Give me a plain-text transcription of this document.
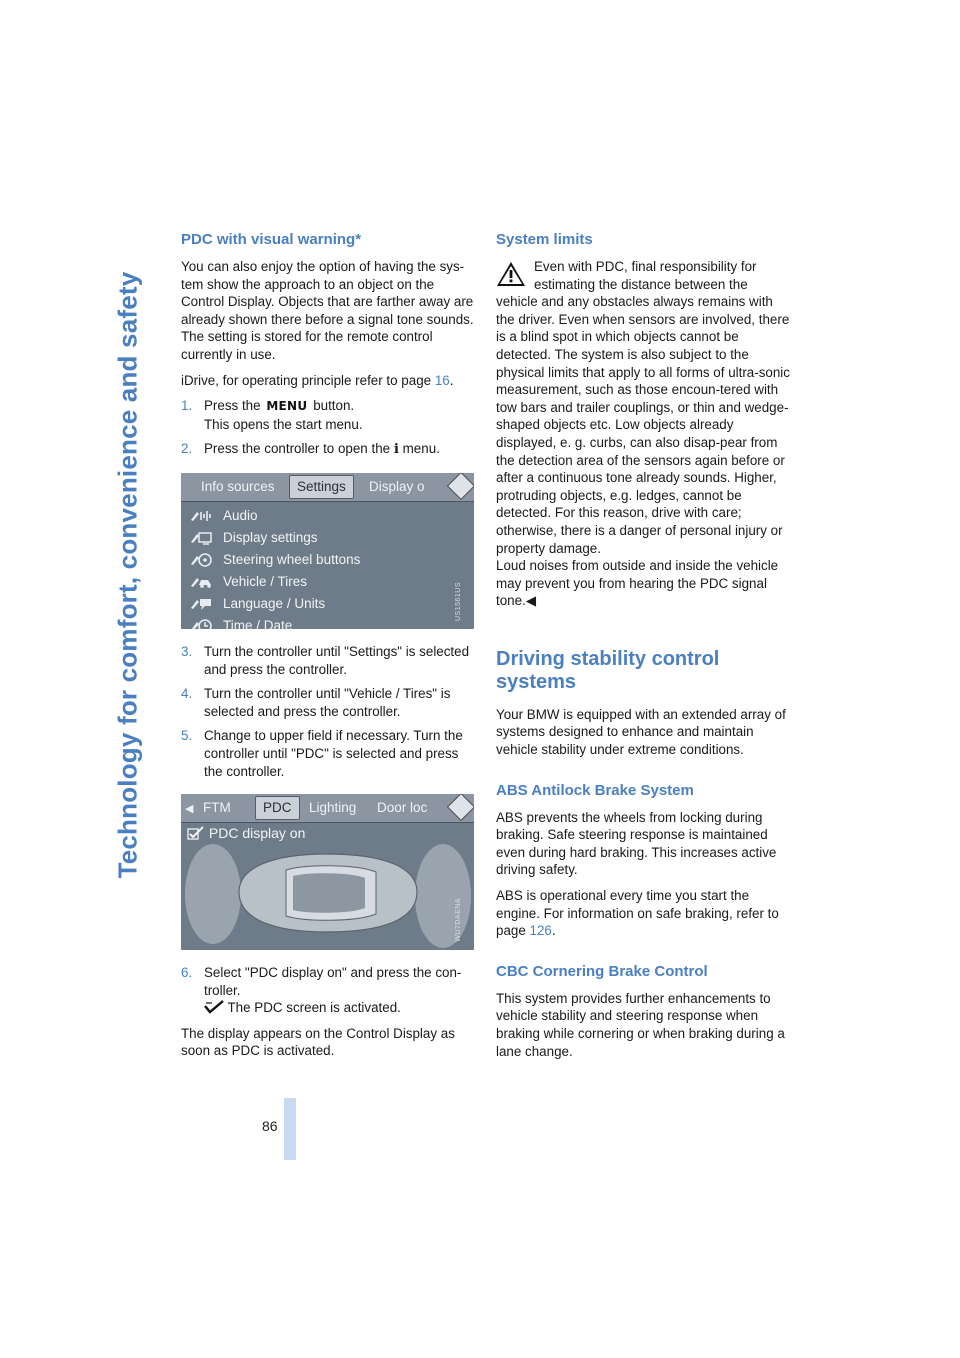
Technology for comfort, convenience and safety
PDC with visual warning*

You can also enjoy the option of having the sys-tem show the approach to an object on the Control Display. Objects that are farther away are already shown there before a signal tone sounds. The setting is stored for the remote control currently in use.

iDrive, for operating principle refer to page 16.

1. Press the MENU button.
This opens the start menu.
2. Press the controller to open the i menu.
Info sources	Settings	Display o
Audio
Display settings
Steering wheel buttons
Vehicle / Tires
Language / Units
Time / Date
US1561US
3. Turn the controller until "Settings" is selected and press the controller.
4. Turn the controller until "Vehicle / Tires" is selected and press the controller.
5. Change to upper field if necessary. Turn the controller until "PDC" is selected and press the controller.
◀ FTM	PDC	Lighting Door loc
PDC display on
WU7DAENA
6. Select "PDC display on" and press the con-troller.
The PDC screen is activated.

The display appears on the Control Display as soon as PDC is activated.

System limits

Even with PDC, final responsibility for estimating the distance between the vehicle and any obstacles always remains with the driver. Even when sensors are involved, there is a blind spot in which objects cannot be detected. The system is also subject to the physical limits that apply to all forms of ultra-sonic measurement, such as those encoun-tered with tow bars and trailer couplings, or thin and wedge-shaped objects etc. Low objects already displayed, e. g. curbs, can also disap-pear from the detection area of the sensors again before or after a continuous tone already sounds. Higher, protruding objects, e.g. ledges, cannot be detected. For this reason, drive with care; otherwise, there is a danger of personal injury or property damage.

Loud noises from outside and inside the vehicle may prevent you from hearing the PDC signal tone.◀

Driving stability control systems

Your BMW is equipped with an extended array of systems designed to enhance and maintain vehicle stability under extreme conditions.

ABS Antilock Brake System

ABS prevents the wheels from locking during braking. Safe steering response is maintained even during hard braking. This increases active driving safety.

ABS is operational every time you start the engine. For information on safe braking, refer to page 126.

CBC Cornering Brake Control

This system provides further enhancements to vehicle stability and steering response when braking while cornering or when braking during a lane change.

86
